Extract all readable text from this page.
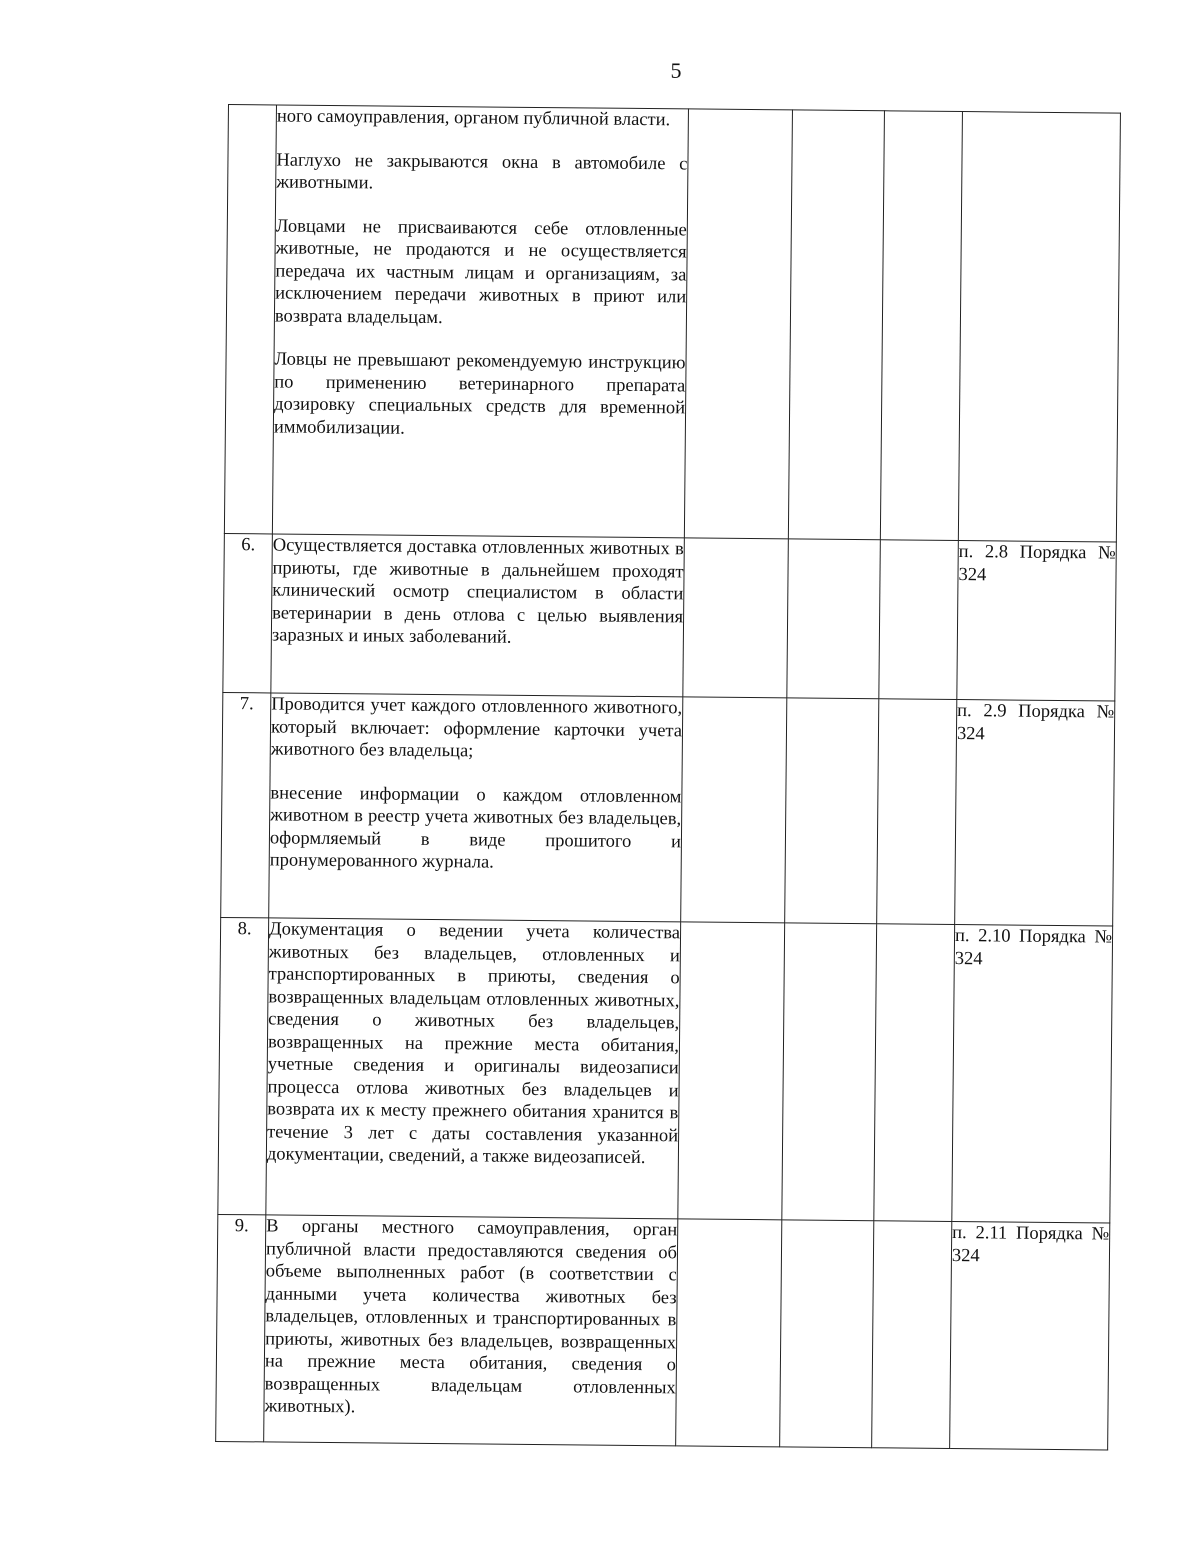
5

	ного самоуправления, органом публичной власти.

Наглухо не закрываются окна в автомобиле с животными.

Ловцами не присваиваются себе отловленные животные, не продаются и не осуществляется передача их частным лицам и организациям, за исключением передачи животных в приют или возврата владельцам.

Ловцы не превышают рекомендуемую инструкцию по применению ветеринарного препарата дозировку специальных средств для временной иммобилизации.				

6.	Осуществляется доставка отловленных животных в приюты, где животные в дальнейшем проходят клинический осмотр специалистом в области ветеринарии в день отлова с целью выявления заразных и иных заболеваний.				п. 2.8 Порядка № 324
7.	Проводится учет каждого отловленного животного, который включает: оформление карточки учета животного без владельца;

внесение информации о каждом отловленном животном в реестр учета животных без владельцев, оформляемый в виде прошитого и пронумерованного журнала.				п. 2.9 Порядка № 324
8.	Документация о ведении учета количества животных без владельцев, отловленных и транспортированных в приюты, сведения о возвращенных владельцам отловленных животных, сведения о животных без владельцев, возвращенных на прежние места обитания, учетные сведения и оригиналы видеозаписи процесса отлова животных без владельцев и возврата их к месту прежнего обитания хранится в течение 3 лет с даты составления указанной документации, сведений, а также видеозаписей.				п. 2.10 Порядка № 324
9.	В органы местного самоуправления, орган публичной власти предоставляются сведения об объеме выполненных работ (в соответствии с данными учета количества животных без владельцев, отловленных и транспортированных в приюты, животных без владельцев, возвращенных на прежние места обитания, сведения о возвращенных владельцам отловленных животных).				п. 2.11 Порядка № 324
